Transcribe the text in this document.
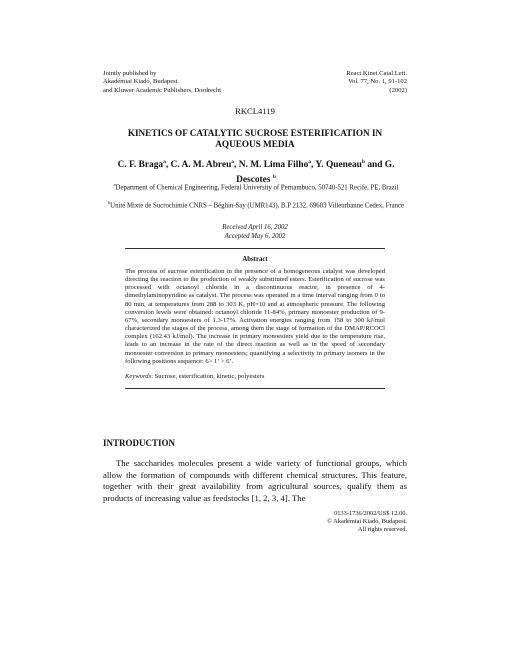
Jointly published by
Akadémiai Kiadó, Budapest
and Kluwer Academic Publishers, Dordrecht
React.Kinet.Catal.Lett.
Vol. 77, No. 1, 91-102
(2002)
RKCL4119
KINETICS OF CATALYTIC SUCROSE ESTERIFICATION IN AQUEOUS MEDIA
C. F. Braga$^a$, C. A. M. Abreu$^a$, N. M. Lima Filho$^a$, Y. Queneau$^b$ and G. Descotes $^b$
$^a$Department of Chemical Engineering, Federal University of Pernambuco, 50740-521 Recife, PE, Brazil
$^b$Unité Mixte de Sucrochimie CNRS – Béghin-Say (UMR143), B.P 2132, 69603 Villeurbanne Cedex, France
Received April 16, 2002
Accepted May 6, 2002
Abstract
The process of sucrose esterification in the presence of a homogeneous catalyst was developed directing the reaction to the production of weakly substituted esters. Esterification of sucrose was processed with octanoyl chloride in a discontinuous reactor, in presence of 4-dimethylaminopyridine as catalyst. The process was operated in a time interval ranging from 0 to 80 min, at temperatures from 288 to 303 K, pH=10 and at atmospheric pressure. The following conversion levels were obtained: octanoyl chloride 11-84%, primary monoester production of 9-67%, secondary monoesters of 1.3-17%. Activation energies ranging from 158 to 300 kJ/mol characterized the stages of the process, among them the stage of formation of the DMAP/RCOCl complex (162.43 kJ/mol). The increase in primary monoesters yield due to the temperature rise, leads to an increase in the rate of the direct reaction as well as in the speed of secondary monoester conversion to primary monoesters; quantifying a selectivity in primary isomers in the following positions sequence: 6> 1’ > 6’.
Keywords: Sucrose, esterification, kinetic, polyesters
INTRODUCTION
The saccharides molecules present a wide variety of functional groups, which allow the formation of compounds with different chemical structures. This feature, together with their great availability from agricultural sources, qualify them as products of increasing value as feedstocks [1, 2, 3, 4]. The
0133-1736/2002/US$ 12.00.
© Akadémiai Kiadó, Budapest.
All rights reserved.
